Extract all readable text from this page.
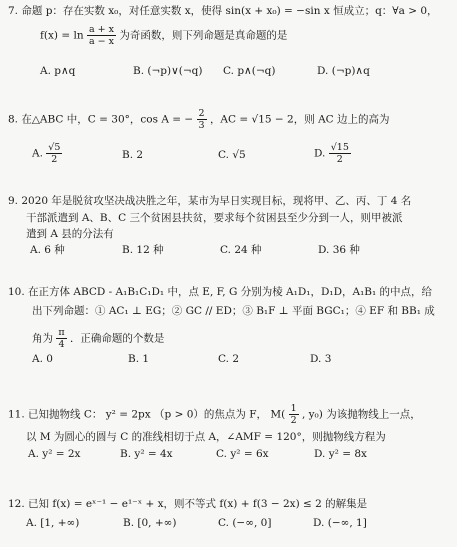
7. 命题 p：存在实数 x₀，对任意实数 x，使得 sin(x + x₀) = −sin x 恒成立；q：∀a > 0，
$f(x) = \ln \frac{a + x}{a - x}$ 为奇函数，则下列命题是真命题的是
A. p∧q	B. (¬p)∨(¬q) C. p∧(¬q)	D. (¬p)∧q
8. 在△ABC 中，C = 30°，cos A = − $\frac{2}{3}$ ，AC = √15 − 2，则 AC 边上的高为
A. $\frac{√5}{2}$	B. 2	C. √5	D. $\frac{√15}{2}$
9. 2020 年是脱贫攻坚决战决胜之年，某市为早日实现目标，现将甲、乙、丙、丁 4 名
干部派遣到 A、B、C 三个贫困县扶贫，要求每个贫困县至少分到一人，则甲被派
遣到 A 县的分法有
A. 6 种	B. 12 种	C. 24 种	D. 36 种
10. 在正方体 ABCD - A₁B₁C₁D₁ 中，点 E, F, G 分别为棱 A₁D₁，D₁D，A₁B₁ 的中点，给
出下列命题：① AC₁ ⊥ EG；② GC // ED；③ B₁F ⊥ 平面 BGC₁；④ EF 和 BB₁ 成
角为 $\frac{\pi}{4}$ ．正确命题的个数是
A. 0	B. 1	C. 2	D. 3
11. 已知抛物线 C： y² = 2px （p > 0）的焦点为 F， $M( \frac{1}{2}$ , y₀) 为该抛物线上一点，
以 M 为圆心的圆与 C 的准线相切于点 A，∠AMF = 120°，则抛物线方程为
A. y² = 2x	B. y² = 4x	C. y² = 6x	D. y² = 8x
12. 已知 f(x) = eˣ⁻¹ − e¹⁻ˣ + x，则不等式 f(x) + f(3 − 2x) ≤ 2 的解集是
A. [1, +∞)	B. [0, +∞)	C. (−∞, 0]	D. (−∞, 1]
